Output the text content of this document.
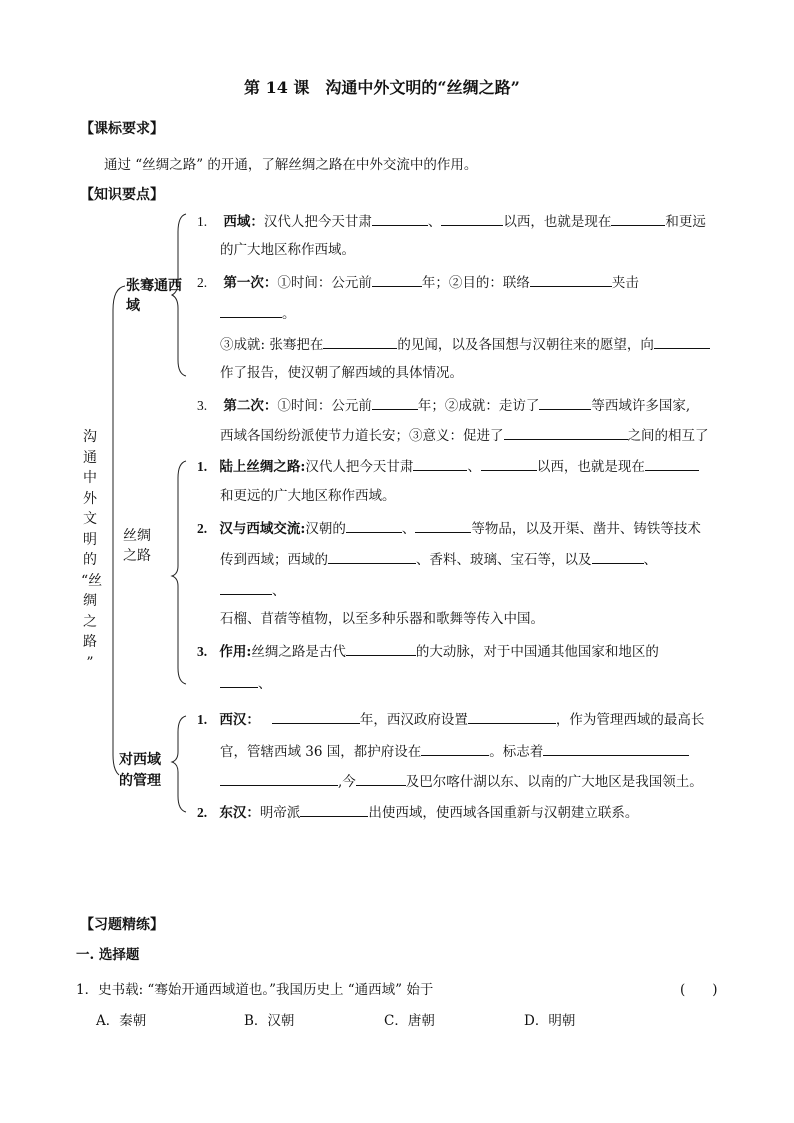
第 14 课　沟通中外文明的“丝绸之路”
【课标要求】
通过 “丝绸之路” 的开通，了解丝绸之路在中外交流中的作用。
【知识要点】
沟
通
中
外
文
明
的
“丝
绸
之
路
”
张骞通西域
丝绸之路
对西域的管理
1. 西域：汉代人把今天甘肃	、	以西，也就是现在	和更远
的广大地区称作西域。
2. 第一次：①时间：公元前	年；②目的：联络	夹击
。
③成就: 张骞把在	的见闻，以及各国想与汉朝往来的愿望，向
作了报告，使汉朝了解西域的具体情况。
3. 第二次：①时间：公元前	年；②成就：走访了	等西域许多国家,
西域各国纷纷派使节力道长安；③意义：促进了	之间的相互了
1. 陆上丝绸之路:汉代人把今天甘肃	、	以西，也就是现在
和更远的广大地区称作西域。
2. 汉与西域交流:汉朝的	、	等物品，以及开渠、凿井、铸铁等技术
传到西域；西域的	、香料、玻璃、宝石等，以及	、
、
石榴、苜蓿等植物，以至多种乐器和歌舞等传入中国。
3. 作用:丝绸之路是古代	的大动脉，对于中国通其他国家和地区的
、
1. 西汉：	年，西汉政府设置	，作为管理西域的最高长
官，管辖西域 36 国，都护府设在	。标志着
,今	及巴尔喀什湖以东、以南的广大地区是我国领土。
2. 东汉：明帝派	出使西域，使西域各国重新与汉朝建立联系。
【习题精练】
一. 选择题
1．史书载: “骞始开通西域道也。”我国历史上 “通西域” 始于	(　　)
A．秦朝	B．汉朝	C．唐朝	D．明朝
